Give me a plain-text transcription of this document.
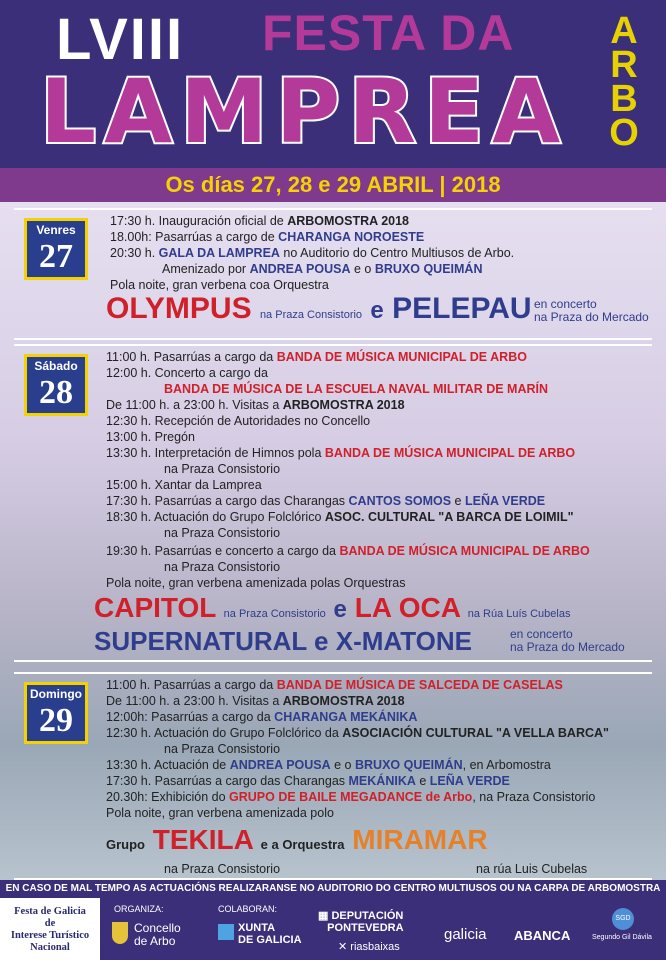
LVIII FESTA DA
LAMPREA
A
R
B
O
Os días 27, 28 e 29 ABRIL | 2018
Venres
27
17:30 h. Inauguración oficial de ARBOMOSTRA 2018
18.00h: Pasarrúas a cargo de CHARANGA NOROESTE
20:30 h. GALA DA LAMPREA no Auditorio do Centro Multiusos de Arbo.
Amenizado por ANDREA POUSA e o BRUXO QUEIMÁN
Pola noite, gran verbena coa Orquestra
OLYMPUS na Praza Consistorio e PELEPAU en concerto
na Praza do Mercado
Sábado
28
11:00 h. Pasarrúas a cargo da BANDA DE MÚSICA MUNICIPAL DE ARBO
12:00 h. Concerto a cargo da
BANDA DE MÚSICA DE LA ESCUELA NAVAL MILITAR DE MARÍN
De 11:00 h. a 23:00 h. Visitas a ARBOMOSTRA 2018
12:30 h. Recepción de Autoridades no Concello
13:00 h. Pregón
13:30 h. Interpretación de Himnos pola BANDA DE MÚSICA MUNICIPAL DE ARBO
na Praza Consistorio
15:00 h. Xantar da Lamprea
17:30 h. Pasarrúas a cargo das Charangas CANTOS SOMOS e LEÑA VERDE
18:30 h. Actuación do Grupo Folclórico ASOC. CULTURAL "A BARCA DE LOIMIL"
na Praza Consistorio
19:30 h. Pasarrúas e concerto a cargo da BANDA DE MÚSICA MUNICIPAL DE ARBO
na Praza Consistorio
Pola noite, gran verbena amenizada polas Orquestras
CAPITOL na Praza Consistorio e LA OCA na Rúa Luís Cubelas
SUPERNATURAL e X-MATONE	en concerto
na Praza do Mercado
Domingo
29
11:00 h. Pasarrúas a cargo da BANDA DE MÚSICA DE SALCEDA DE CASELAS
De 11:00 h. a 23:00 h. Visitas a ARBOMOSTRA 2018
12:00h: Pasarrúas a cargo da CHARANGA MEKÁNIKA
12:30 h. Actuación do Grupo Folclórico da ASOCIACIÓN CULTURAL "A VELLA BARCA"
na Praza Consistorio
13:30 h. Actuación de ANDREA POUSA e o BRUXO QUEIMÁN, en Arbomostra
17:30 h. Pasarrúas a cargo das Charangas MEKÁNIKA e LEÑA VERDE
20.30h: Exhibición do GRUPO DE BAILE MEGADANCE de Arbo, na Praza Consistorio
Pola noite, gran verbena amenizada polo
Grupo TEKILA e a Orquestra MIRAMAR
na Praza Consistorio	na rúa Luis Cubelas
EN CASO DE MAL TEMPO AS ACTUACIÓNS REALIZARANSE NO AUDITORIO DO CENTRO MULTIUSOS OU NA CARPA DE ARBOMOSTRA
Festa de Galicia
de
Interese Turístico
Nacional
ORGANIZA:
Concello
de Arbo
COLABORAN:
XUNTA
DE GALICIA
▦ DEPUTACIÓN
PONTEVEDRA
✕ riasbaixas
galicia ABANCA
SGD
Segundo Gil Dávila
